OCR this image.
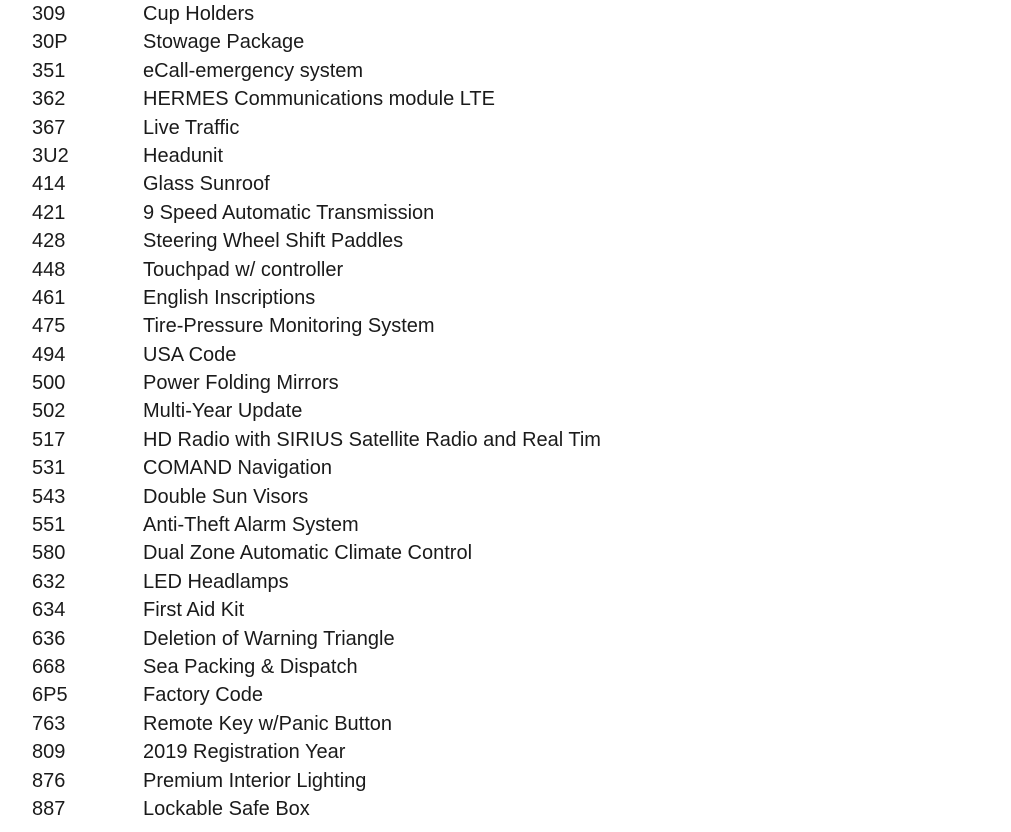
309	Cup Holders
30P	Stowage Package
351	eCall-emergency system
362	HERMES Communications module LTE
367	Live Traffic
3U2	Headunit
414	Glass Sunroof
421	9 Speed Automatic Transmission
428	Steering Wheel Shift Paddles
448	Touchpad w/ controller
461	English Inscriptions
475	Tire-Pressure Monitoring System
494	USA Code
500	Power Folding Mirrors
502	Multi-Year Update
517	HD Radio with SIRIUS Satellite Radio and Real Tim
531	COMAND Navigation
543	Double Sun Visors
551	Anti-Theft Alarm System
580	Dual Zone Automatic Climate Control
632	LED Headlamps
634	First Aid Kit
636	Deletion of Warning Triangle
668	Sea Packing & Dispatch
6P5	Factory Code
763	Remote Key w/Panic Button
809	2019 Registration Year
876	Premium Interior Lighting
887	Lockable Safe Box
